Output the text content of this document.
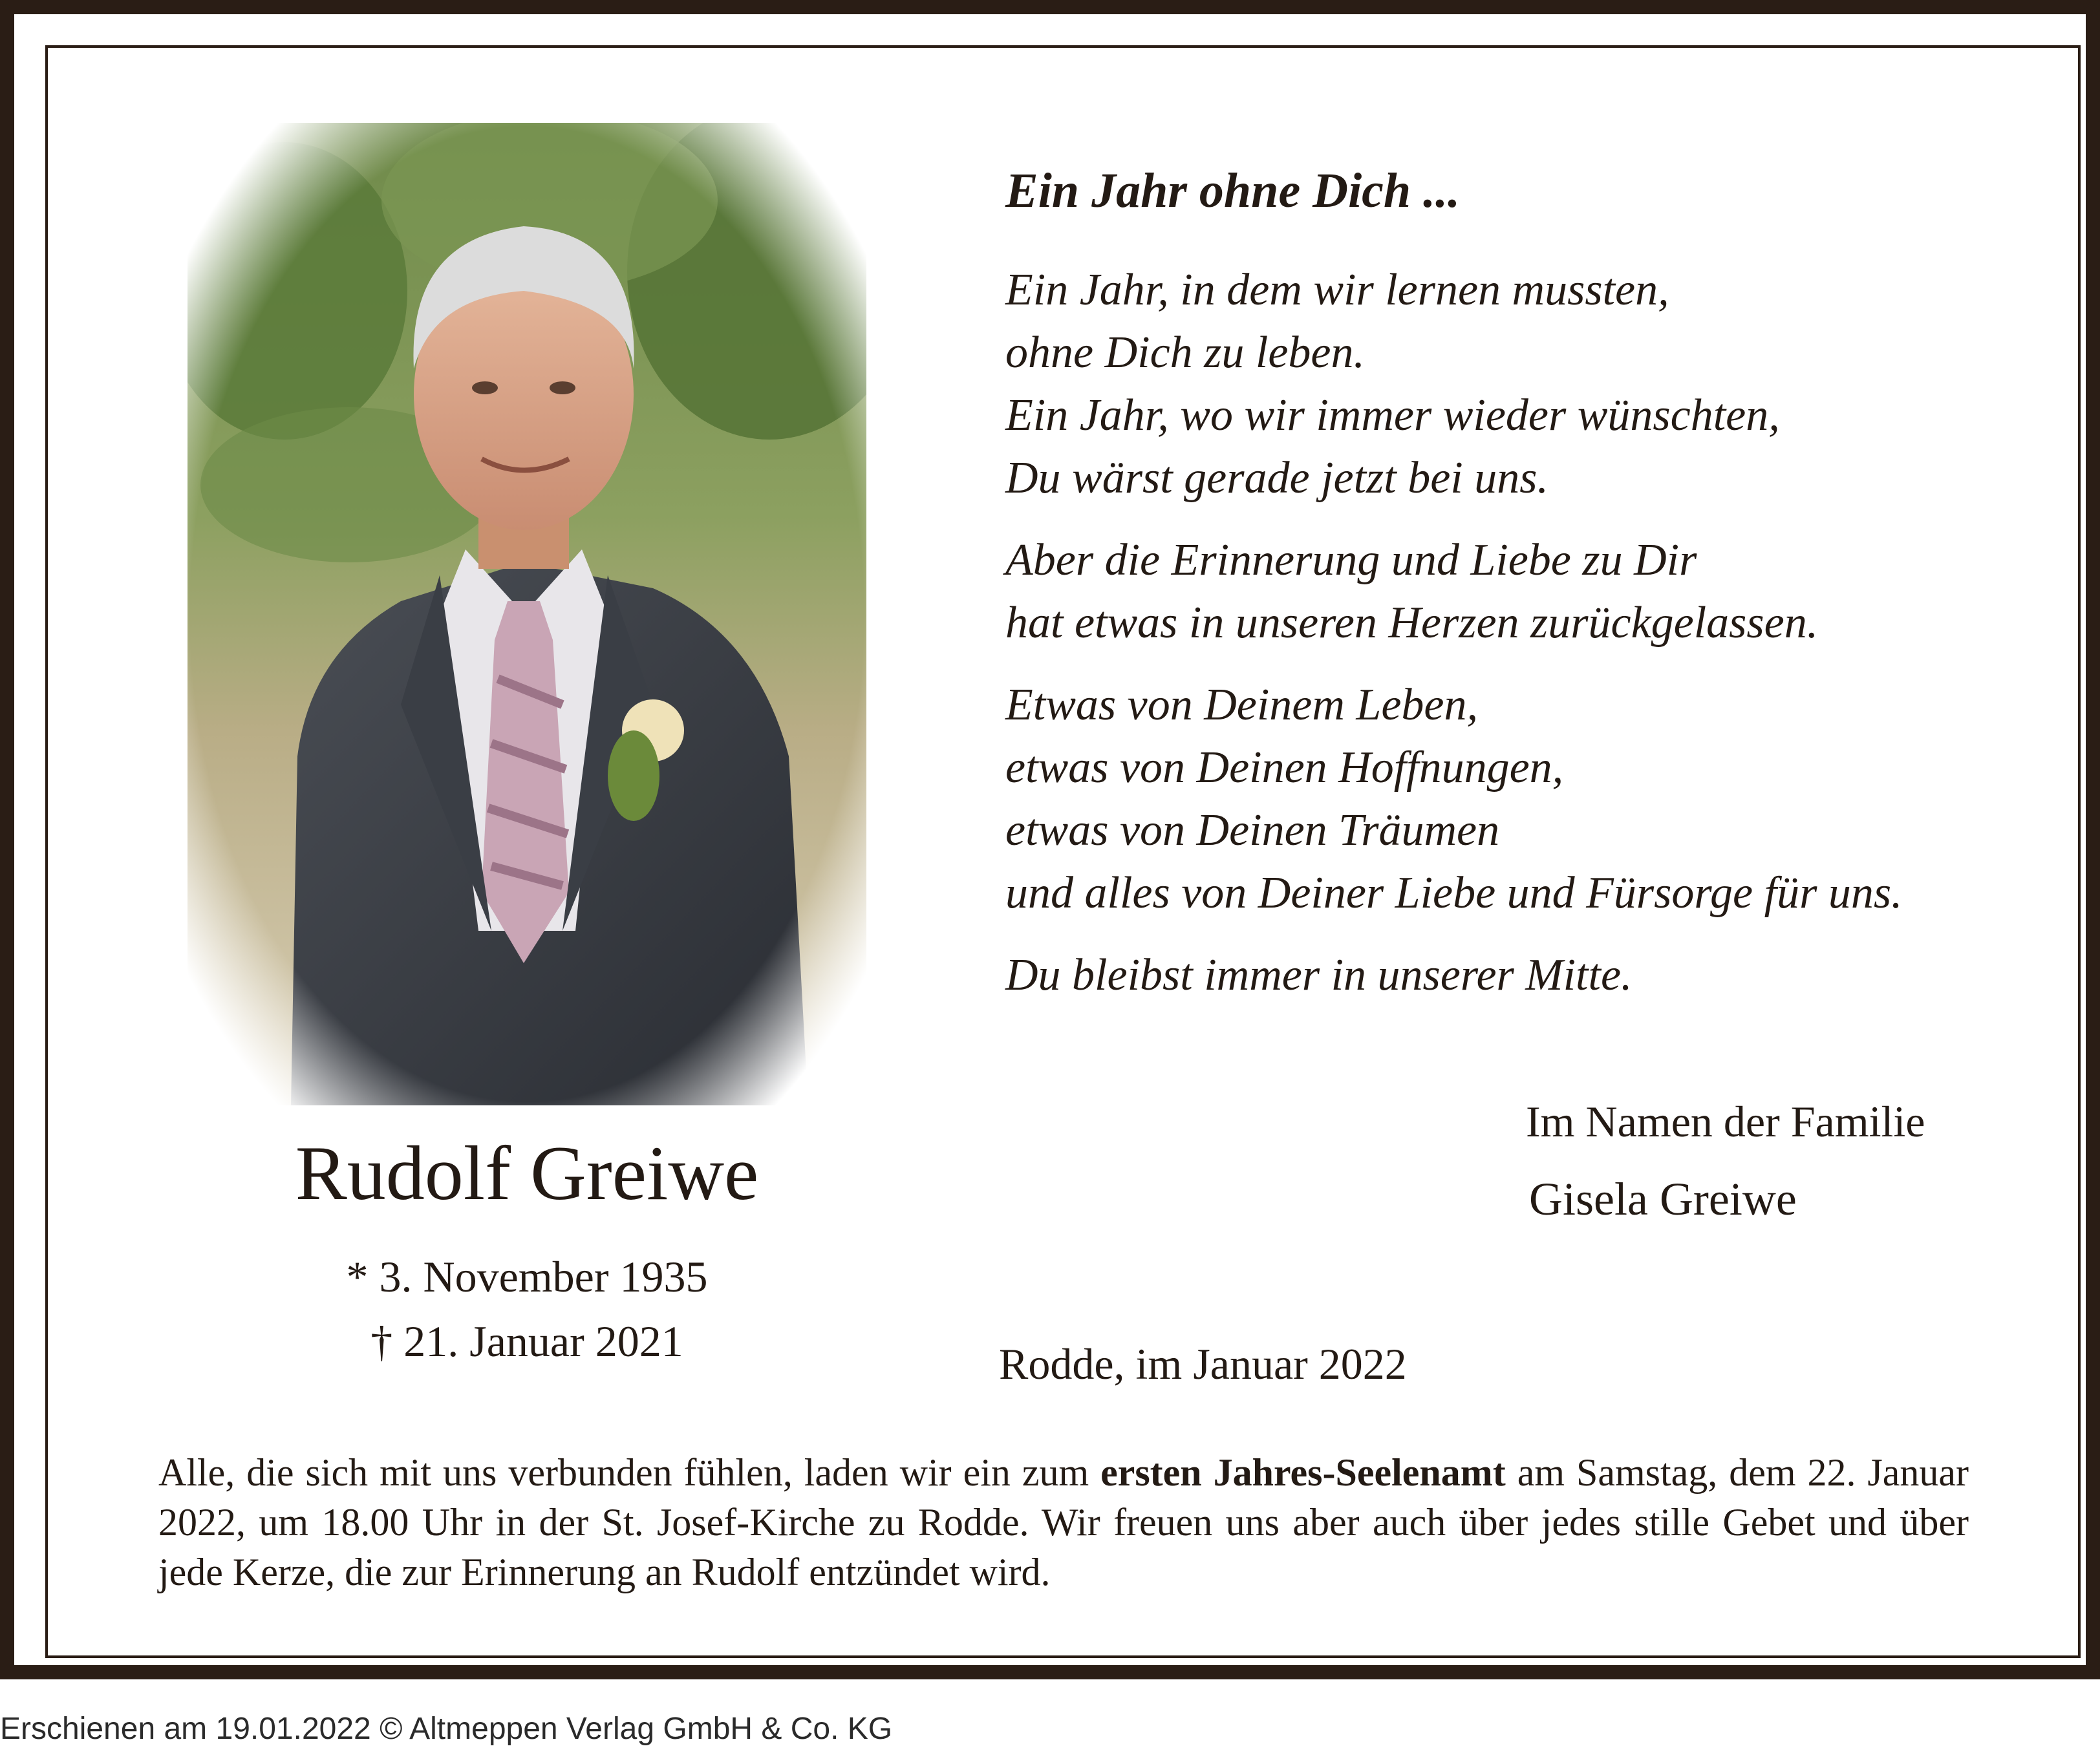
Rudolf Greiwe
* 3. November 1935
† 21. Januar 2021
Ein Jahr ohne Dich ...
Ein Jahr, in dem wir lernen mussten,
ohne Dich zu leben.
Ein Jahr, wo wir immer wieder wünschten,
Du wärst gerade jetzt bei uns.
Aber die Erinnerung und Liebe zu Dir
hat etwas in unseren Herzen zurückgelassen.
Etwas von Deinem Leben,
etwas von Deinen Hoffnungen,
etwas von Deinen Träumen
und alles von Deiner Liebe und Fürsorge für uns.
Du bleibst immer in unserer Mitte.
Im Namen der Familie
Gisela Greiwe
Rodde, im Januar 2022
Alle, die sich mit uns verbunden fühlen, laden wir ein zum ersten Jahres-Seelenamt am Samstag, dem 22. Januar 2022, um 18.00 Uhr in der St. Josef-Kirche zu Rodde. Wir freuen uns aber auch über jedes stille Gebet und über jede Kerze, die zur Erinnerung an Rudolf entzündet wird.
Erschienen am 19.01.2022 © Altmeppen Verlag GmbH & Co. KG
